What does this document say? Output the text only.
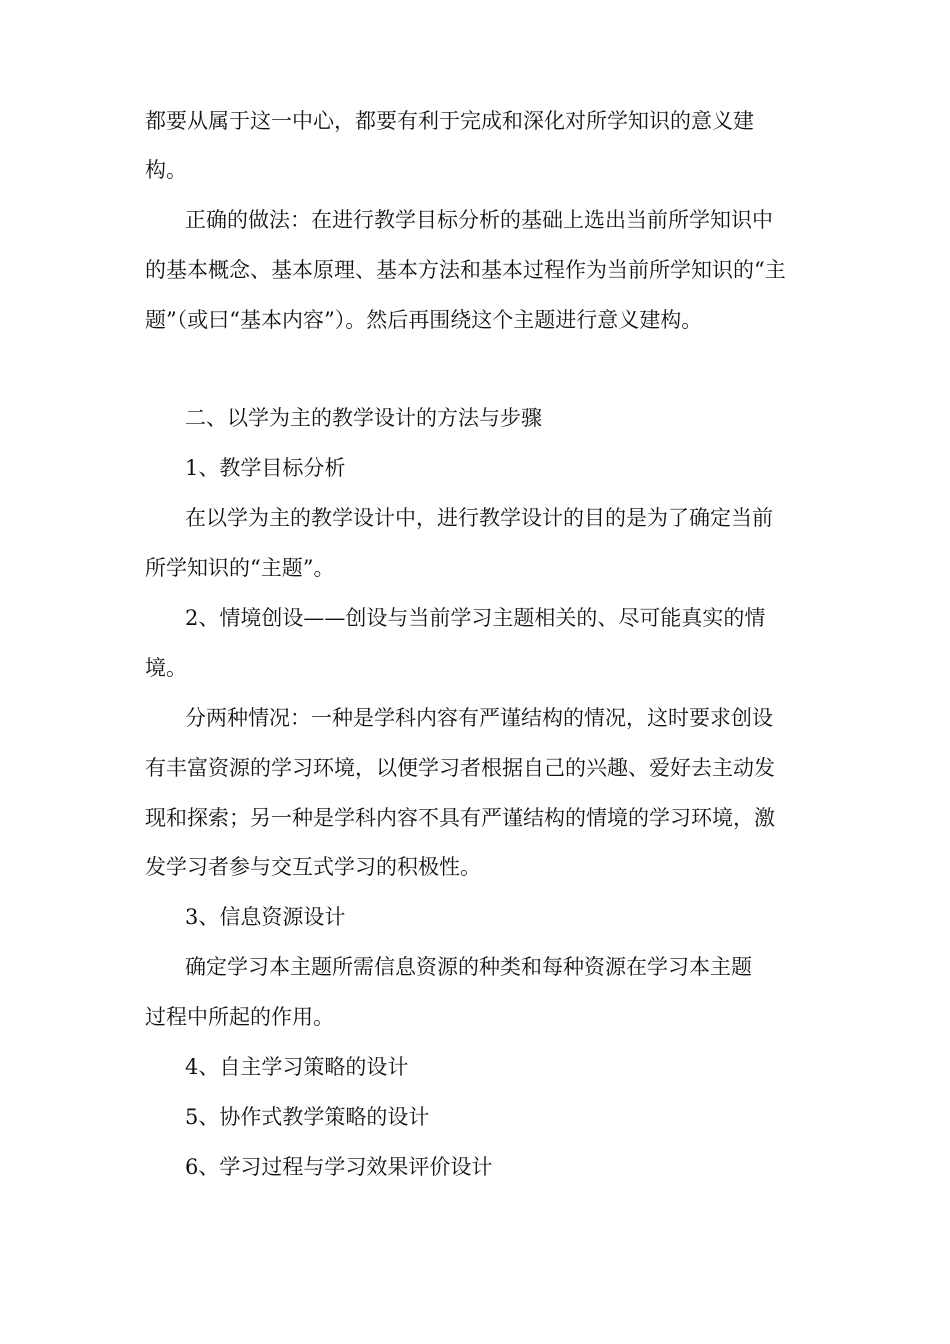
都要从属于这一中心，都要有利于完成和深化对所学知识的意义建
构。
正确的做法：在进行教学目标分析的基础上选出当前所学知识中
的基本概念、基本原理、基本方法和基本过程作为当前所学知识的“主
题”（或曰“基本内容”）。然后再围绕这个主题进行意义建构。
二、以学为主的教学设计的方法与步骤
1、教学目标分析
在以学为主的教学设计中，进行教学设计的目的是为了确定当前
所学知识的“主题”。
2、情境创设——创设与当前学习主题相关的、尽可能真实的情
境。
分两种情况：一种是学科内容有严谨结构的情况，这时要求创设
有丰富资源的学习环境，以便学习者根据自己的兴趣、爱好去主动发
现和探索；另一种是学科内容不具有严谨结构的情境的学习环境，激
发学习者参与交互式学习的积极性。
3、信息资源设计
确定学习本主题所需信息资源的种类和每种资源在学习本主题
过程中所起的作用。
4、自主学习策略的设计
5、协作式教学策略的设计
6、学习过程与学习效果评价设计
